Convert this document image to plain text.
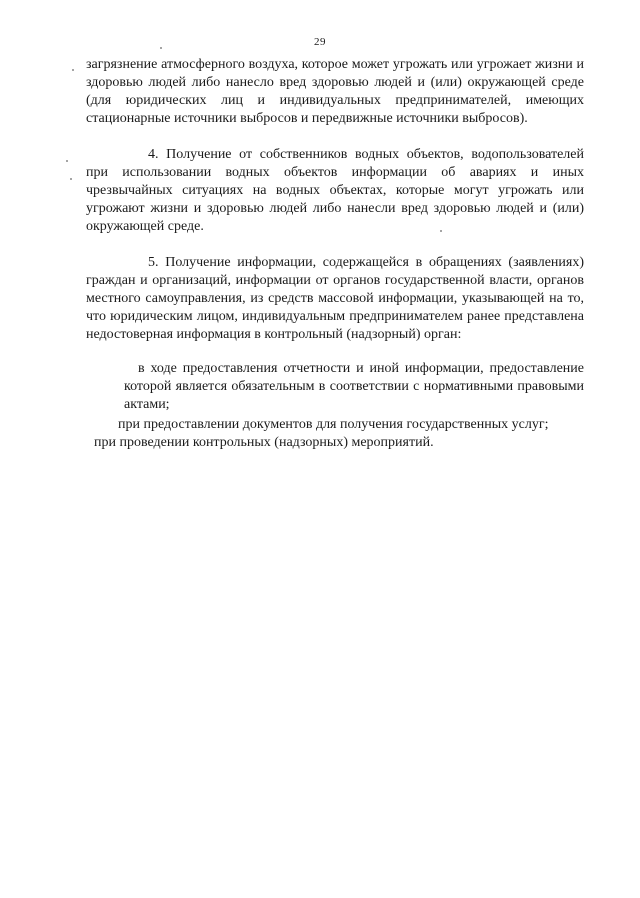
29

загрязнение атмосферного воздуха, которое может угрожать или угрожает жизни и здоровью людей либо нанесло вред здоровью людей и (или) окружающей среде (для юридических лиц и индивидуальных предпринимателей, имеющих стационарные источники выбросов и передвижные источники выбросов).

4. Получение от собственников водных объектов, водопользователей при использовании водных объектов информации об авариях и иных чрезвычайных ситуациях на водных объектах, которые могут угрожать или угрожают жизни и здоровью людей либо нанесли вред здоровью людей и (или) окружающей среде.

5. Получение информации, содержащейся в обращениях (заявлениях) граждан и организаций, информации от органов государственной власти, органов местного самоуправления, из средств массовой информации, указывающей на то, что юридическим лицом, индивидуальным предпринимателем ранее представлена недостоверная информация в контрольный (надзорный) орган:

в ходе предоставления отчетности и иной информации, предоставление которой является обязательным в соответствии с нормативными правовыми актами;

при предоставлении документов для получения государственных услуг;

при проведении контрольных (надзорных) мероприятий.
